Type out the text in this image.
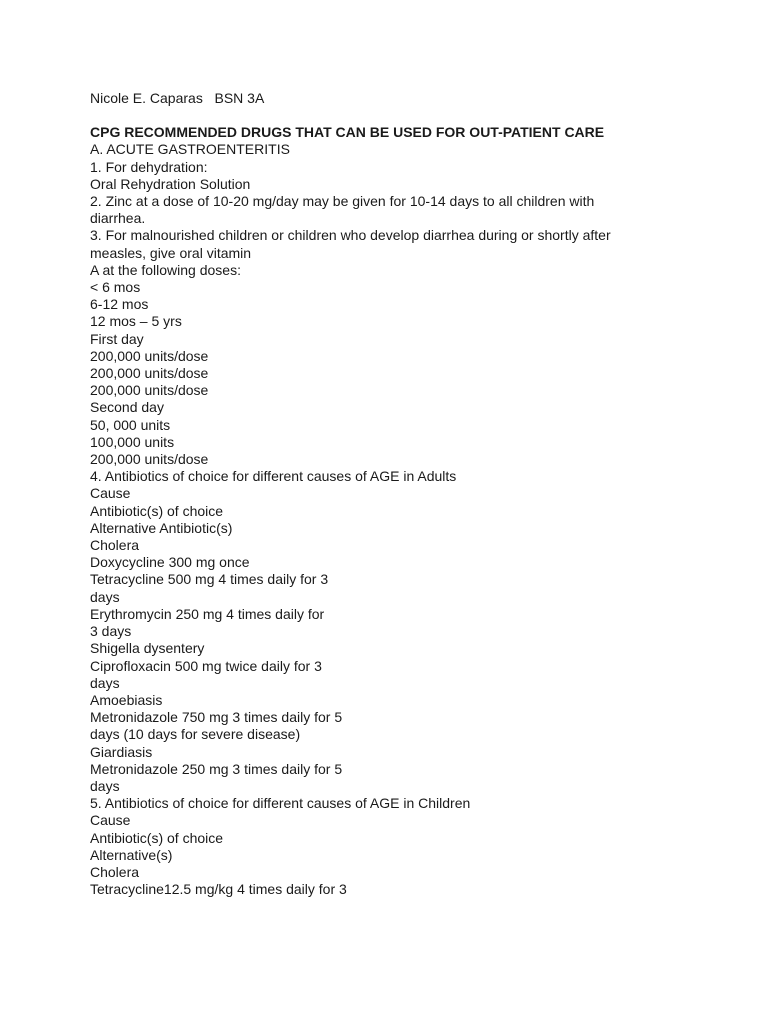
Nicole E. Caparas   BSN 3A

CPG RECOMMENDED DRUGS THAT CAN BE USED FOR OUT-PATIENT CARE

A. ACUTE GASTROENTERITIS

1. For dehydration:

Oral Rehydration Solution

2. Zinc at a dose of 10-20 mg/day may be given for 10-14 days to all children with

diarrhea.

3. For malnourished children or children who develop diarrhea during or shortly after

measles, give oral vitamin

A at the following doses:

< 6 mos

6-12 mos

12 mos – 5 yrs

First day

200,000 units/dose

200,000 units/dose

200,000 units/dose

Second day

50, 000 units

100,000 units

200,000 units/dose

4. Antibiotics of choice for different causes of AGE in Adults

Cause

Antibiotic(s) of choice

Alternative Antibiotic(s)

Cholera

Doxycycline 300 mg once

Tetracycline 500 mg 4 times daily for 3

days

Erythromycin 250 mg 4 times daily for

3 days

Shigella dysentery

Ciprofloxacin 500 mg twice daily for 3

days

Amoebiasis

Metronidazole 750 mg 3 times daily for 5

days (10 days for severe disease)

Giardiasis

Metronidazole 250 mg 3 times daily for 5

days

5. Antibiotics of choice for different causes of AGE in Children

Cause

Antibiotic(s) of choice

Alternative(s)

Cholera

Tetracycline12.5 mg/kg 4 times daily for 3
